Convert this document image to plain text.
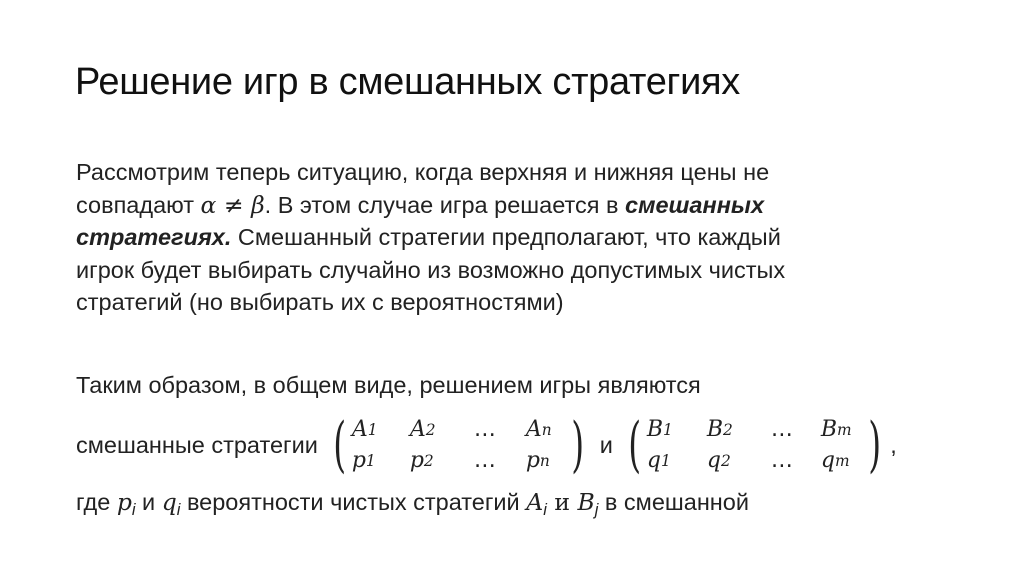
Решение игр в смешанных стратегиях
Рассмотрим теперь ситуацию, когда верхняя и нижняя цены не
совпадают α ≠ β. В этом случае игра решается в смешанных
стратегиях. Смешанный стратегии предполагают, что каждый
игрок будет выбирать случайно из возможно допустимых чистых
стратегий (но выбирать их с вероятностями)
Таким образом, в общем виде, решением игры являются
смешанные стратегии ( A 1 A 2 … A n
p 1 p 2 … p n ) и ( B 1 B 2 … B m
q 1 q 2 … q m ) ,
где $p_i$ и $q_i$ вероятности чистых стратегий $A_i$ и $B_j$ в смешанной
